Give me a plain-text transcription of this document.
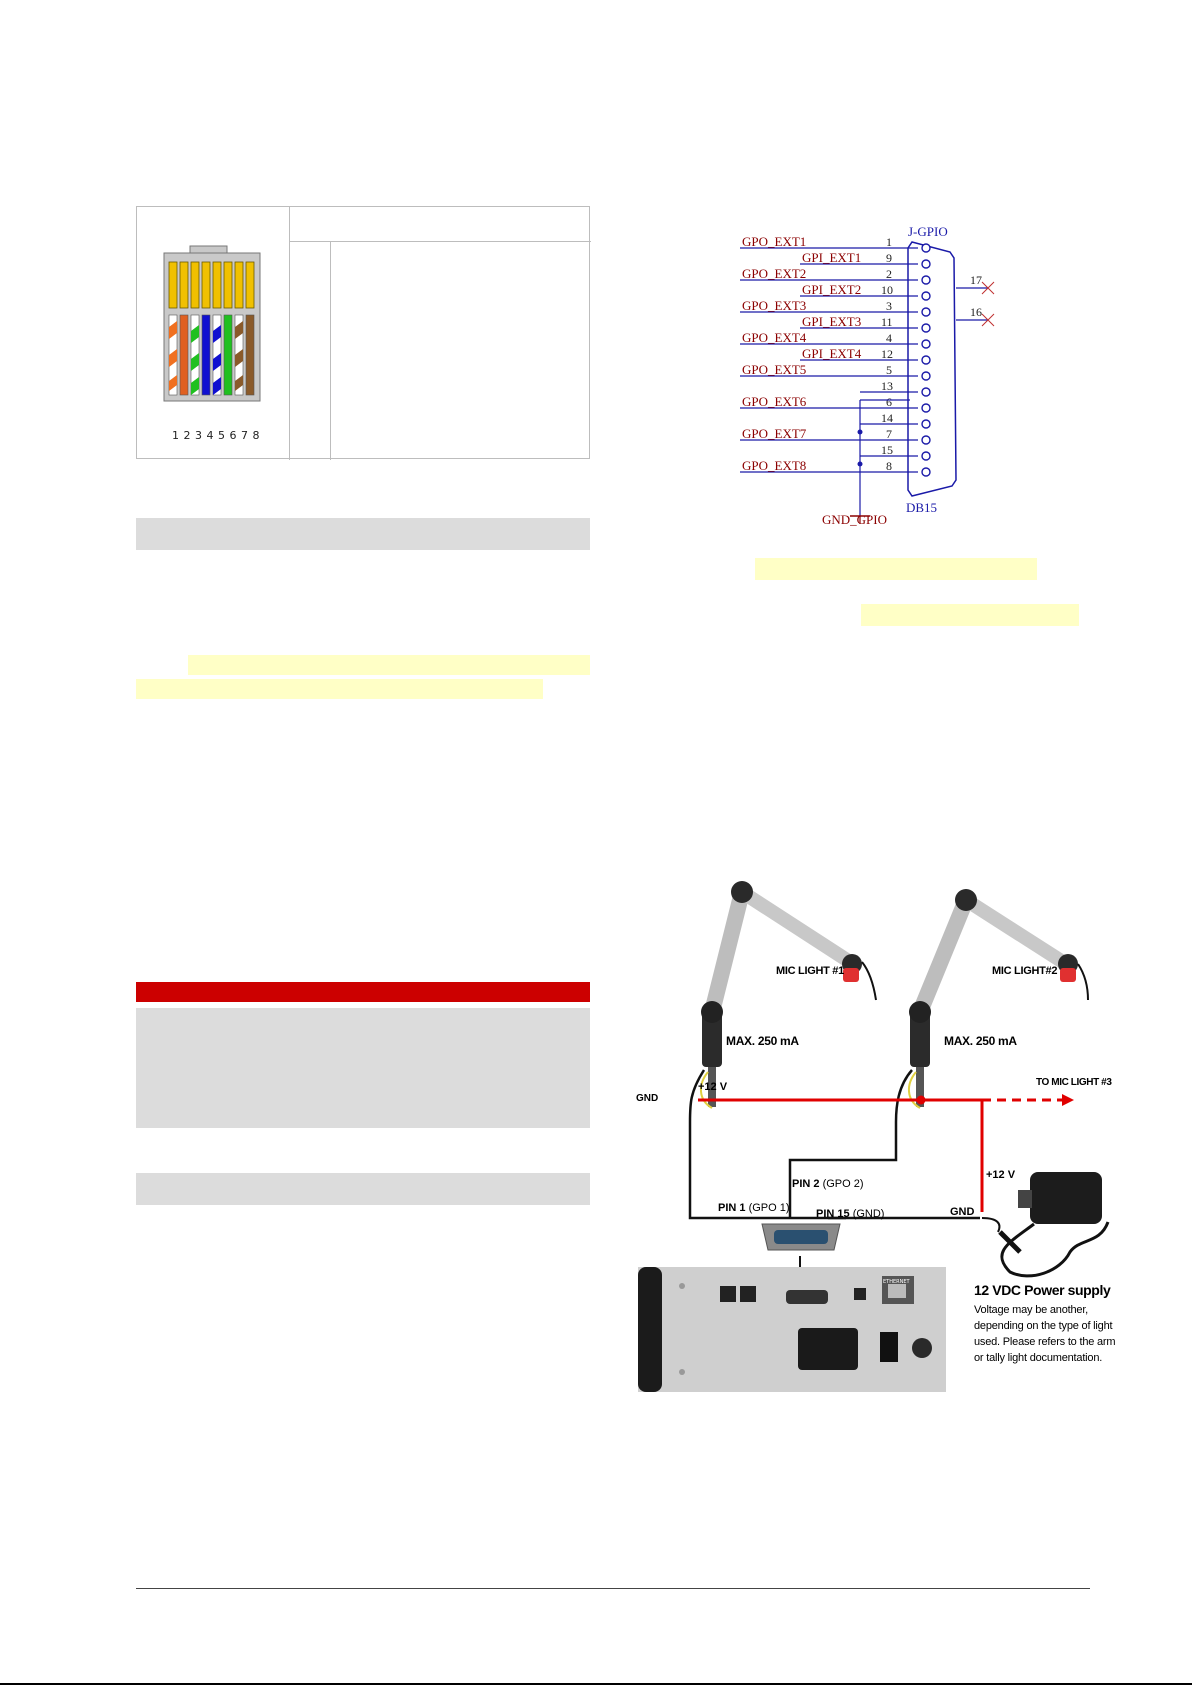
1 2 3 4 5 6 7 8
J-GPIO
DB15
GPO_EXT1	1
GPI_EXT1 9
GPO_EXT2	2
GPI_EXT2 10
GPO_EXT3	3
GPI_EXT3 11
GPO_EXT4	4
GPI_EXT4 12
GPO_EXT5	5
13
GPO_EXT6	6
14
GPO_EXT7	7
15
GPO_EXT8	8
GND_GPIO
17
16
ETHERNET
MIC LIGHT #1	MIC LIGHT#2
MAX. 250 mA	MAX. 250 mA
GND
+12 V	TO MIC LIGHT #3
PIN 2 (GPO 2)
PIN 1 (GPO 1) PIN 15 (GND)
+12 V
GND
12 VDC Power supply
Voltage may be another,
depending on the type of light
used. Please refers to the arm
or tally light documentation.
